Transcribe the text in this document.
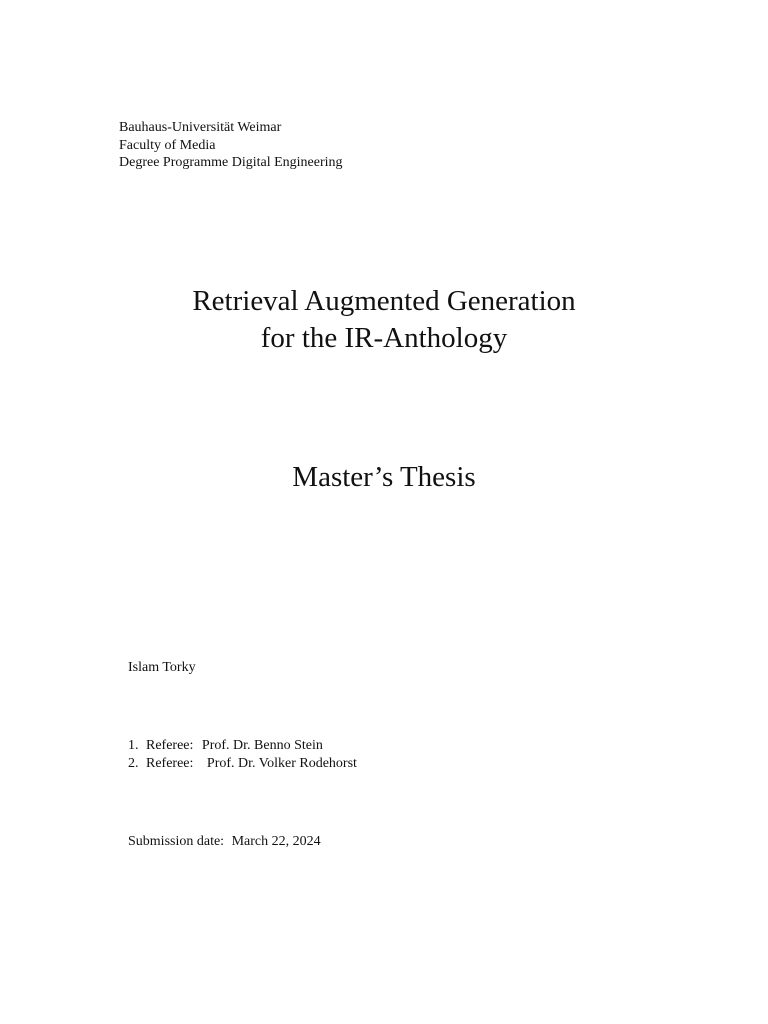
Bauhaus-Universität Weimar
Faculty of Media
Degree Programme Digital Engineering
Retrieval Augmented Generation
for the IR-Anthology
Master’s Thesis
Islam Torky
1. Referee: Prof. Dr. Benno Stein
2. Referee: Prof. Dr. Volker Rodehorst
Submission date: March 22, 2024
